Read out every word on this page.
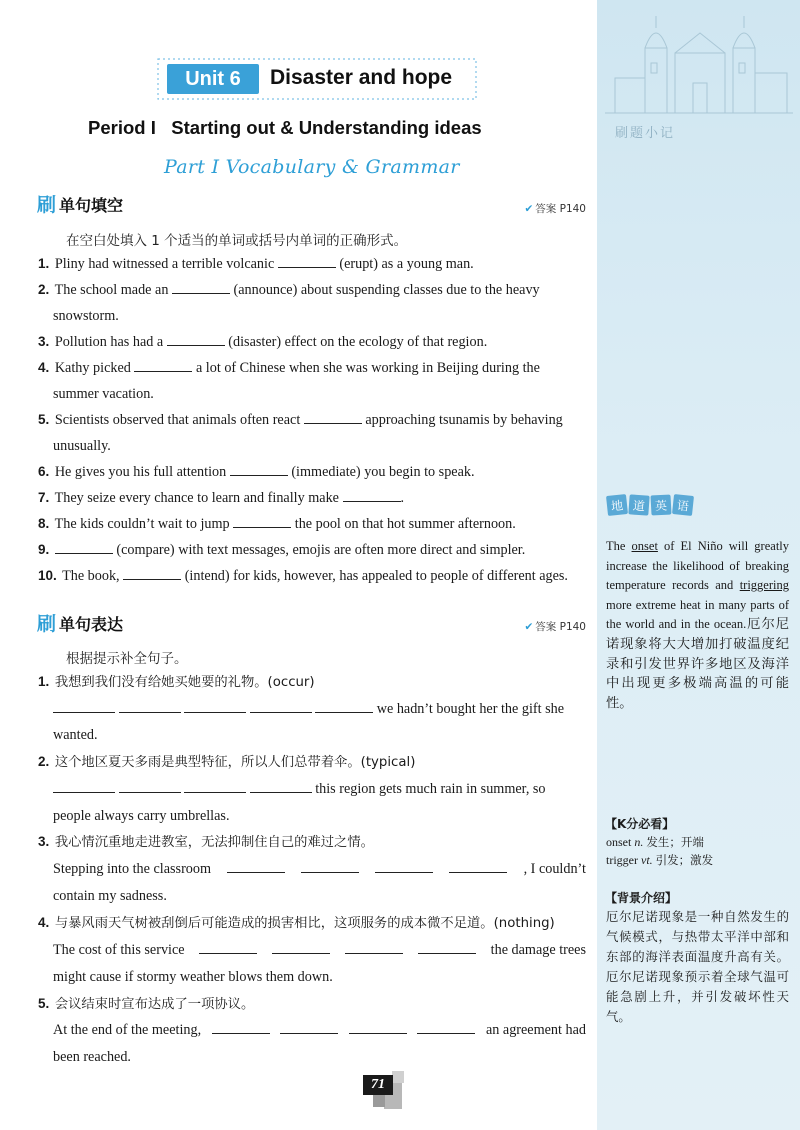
刷题小记
地 道 英 语
The onset of El Niño will greatly increase the likelihood of breaking temperature records and triggering more extreme heat in many parts of the world and in the ocean.厄尔尼诺现象将大大增加打破温度纪录和引发世界许多地区及海洋中出现更多极端高温的可能性。
【K分必看】
onset n. 发生；开端
trigger vt. 引发；激发
【背景介绍】
厄尔尼诺现象是一种自然发生的气候模式，与热带太平洋中部和东部的海洋表面温度升高有关。厄尔尼诺现象预示着全球气温可能急剧上升，并引发破坏性天气。
Unit 6	Disaster and hope
Period I   Starting out & Understanding ideas
Part I Vocabulary & Grammar
刷 单句填空	✔ 答案 P140
在空白处填入 1 个适当的单词或括号内单词的正确形式。
1. Pliny had witnessed a terrible volcanic	(erupt) as a young man.
2. The school made an	(announce) about suspending classes due to the heavy
snowstorm.
3. Pollution has had a	(disaster) effect on the ecology of that region.
4. Kathy picked	a lot of Chinese when she was working in Beijing during the
summer vacation.
5. Scientists observed that animals often react	approaching tsunamis by behaving
unusually.
6. He gives you his full attention	(immediate) you begin to speak.
7. They seize every chance to learn and finally make	.
8. The kids couldn’t wait to jump	the pool on that hot summer afternoon.
9.	(compare) with text messages, emojis are often more direct and simpler.
10. The book,	(intend) for kids, however, has appealed to people of different ages.
刷 单句表达	✔ 答案 P140
根据提示补全句子。
1. 我想到我们没有给她买她要的礼物。(occur)
we hadn’t bought her the gift she
wanted.
2. 这个地区夏天多雨是典型特征，所以人们总带着伞。(typical)
this region gets much rain in summer, so
people always carry umbrellas.
3. 我心情沉重地走进教室，无法抑制住自己的难过之情。
Stepping into the classroom	, I couldn’t
contain my sadness.
4. 与暴风雨天气树被刮倒后可能造成的损害相比，这项服务的成本微不足道。(nothing)
The cost of this service	the damage trees
might cause if stormy weather blows them down.
5. 会议结束时宣布达成了一项协议。
At the end of the meeting,	an agreement had
been reached.
71
